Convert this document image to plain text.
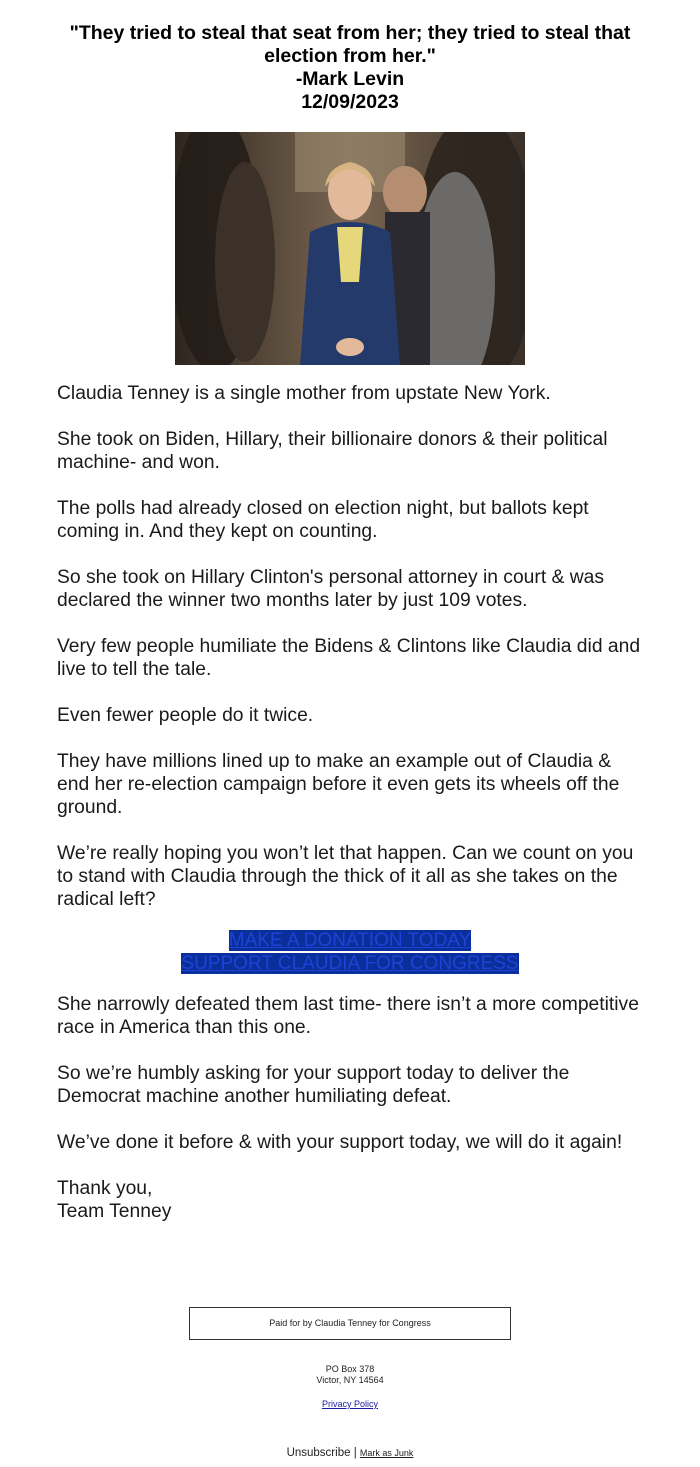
"They tried to steal that seat from her; they tried to steal that
election from her."
-Mark Levin
12/09/2023

Claudia Tenney is a single mother from upstate New York.

She took on Biden, Hillary, their billionaire donors & their political machine- and won.

The polls had already closed on election night, but ballots kept coming in. And they kept on counting.

So she took on Hillary Clinton's personal attorney in court & was declared the winner two months later by just 109 votes.

Very few people humiliate the Bidens & Clintons like Claudia did and live to tell the tale.

Even fewer people do it twice.

They have millions lined up to make an example out of Claudia & end her re-election campaign before it even gets its wheels off the ground.

We’re really hoping you won’t let that happen. Can we count on you to stand with Claudia through the thick of it all as she takes on the radical left?

MAKE A DONATION TODAY
SUPPORT CLAUDIA FOR CONGRESS

She narrowly defeated them last time- there isn’t a more competitive race in America than this one.

So we’re humbly asking for your support today to deliver the Democrat machine another humiliating defeat.

We’ve done it before & with your support today, we will do it again!

Thank you,
Team Tenney

Paid for by Claudia Tenney for Congress
PO Box 378
Victor, NY 14564
Privacy Policy
Unsubscribe | Mark as Junk
